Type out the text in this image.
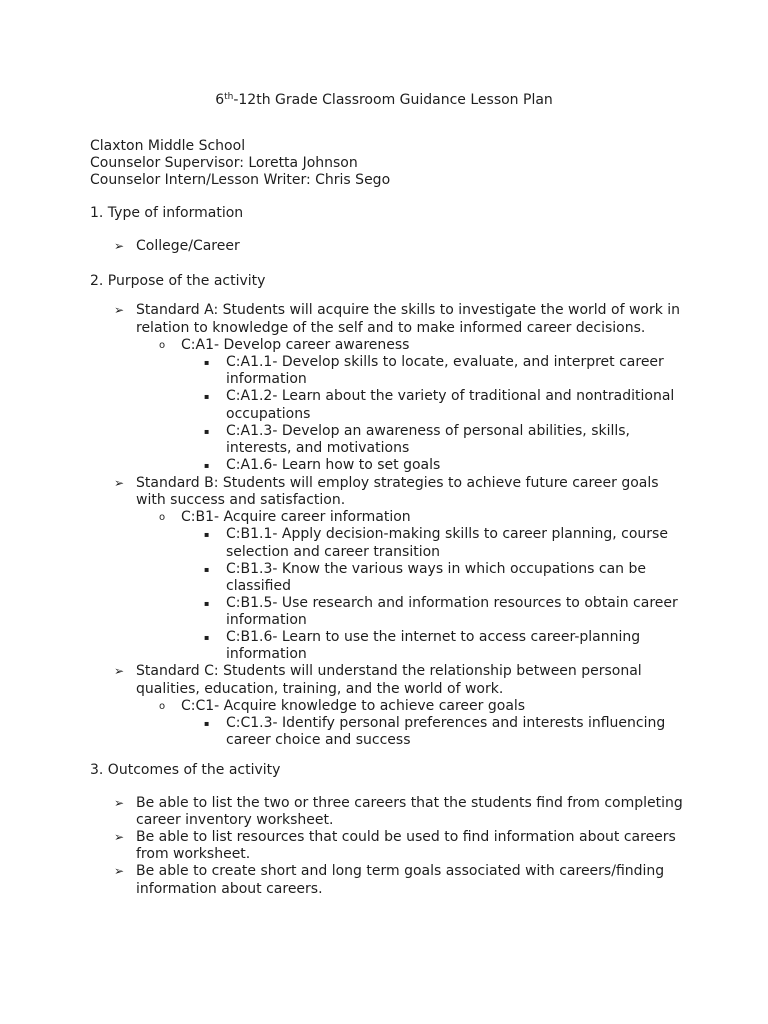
6th-12th Grade Classroom Guidance Lesson Plan
Claxton Middle School
Counselor Supervisor: Loretta Johnson
Counselor Intern/Lesson Writer: Chris Sego
1. Type of information
➢ College/Career
2. Purpose of the activity
➢ Standard A: Students will acquire the skills to investigate the world of work in
relation to knowledge of the self and to make informed career decisions.
o C:A1- Develop career awareness
▪ C:A1.1- Develop skills to locate, evaluate, and interpret career
information
▪ C:A1.2- Learn about the variety of traditional and nontraditional
occupations
▪ C:A1.3- Develop an awareness of personal abilities, skills,
interests, and motivations
▪ C:A1.6- Learn how to set goals
➢ Standard B: Students will employ strategies to achieve future career goals
with success and satisfaction.
o C:B1- Acquire career information
▪ C:B1.1- Apply decision-making skills to career planning, course
selection and career transition
▪ C:B1.3- Know the various ways in which occupations can be
classified
▪ C:B1.5- Use research and information resources to obtain career
information
▪ C:B1.6- Learn to use the internet to access career-planning
information
➢ Standard C: Students will understand the relationship between personal
qualities, education, training, and the world of work.
o C:C1- Acquire knowledge to achieve career goals
▪ C:C1.3- Identify personal preferences and interests influencing
career choice and success
3. Outcomes of the activity
➢ Be able to list the two or three careers that the students find from completing
career inventory worksheet.
➢ Be able to list resources that could be used to find information about careers
from worksheet.
➢ Be able to create short and long term goals associated with careers/finding
information about careers.
